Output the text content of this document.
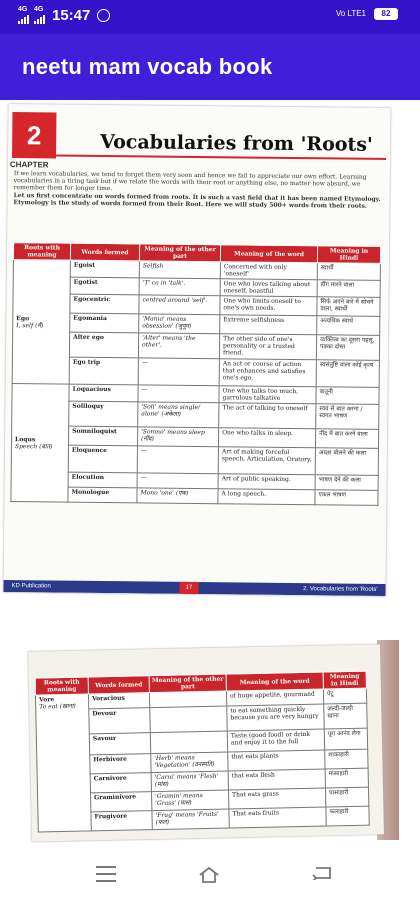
4G 4G 15:47	Vo LTE1	82
neetu mam vocab book
2
CHAPTER
Vocabularies from 'Roots'
If we learn vocabularies, we tend to forget them very soon and hence we fail to appreciate our own effort. Learning vocabularies in a tiring task but if we relate the words with their root or anything else, no matter how absurd, we remember them for longer time.
Let us first concentrate on words formed from roots. It is such a vast field that it has been named Etymology. Etymology is the study of words formed from their Root. Here we will study 500+ words from their roots.
Roots with meaning	Words formed	Meaning of the other part	Meaning of the word	Meaning in Hindi
Ego
I, self (मैं)	Egoist	Selfish	Concerned with only 'oneself'	स्वार्थी
	Egotist	'T' ca in 'talk'.	One who loves talking about oneself, boastful	डींग मारने वाला
	Egocentric	centred around 'self'.	One who limits oneself to one's own needs.	सिर्फ अपने बारे में सोचने वाला, स्वार्थी
	Egomania	'Mania' means obsession' (जुनून)	Extreme selfishness	अत्यधिक स्वार्थ
	Alter ego	'Alter' means 'the other'.	The other side of one's personality or a trusted friend.	व्यक्तित्व का दूसरा पहलू, पक्का दोस्त
	Ego trip	—	An act or course of action that enhances and satisfies one's ego.	स्वसंतुष्टि वाला कोई कृत्य
Loqus
Speech (बात)	Loquacious	—	One who talks too much, garrulous talkative	बातूनी
	Soliloquy	'Soli' means single/ alone' (अकेला)	The act of talking to oneself	स्वयं से बात करना / स्वगत भाषण
	Somniloquist	'Somno' means sleep (नींद)	One who talks in sleep.	नींद में बात करने वाला
	Eloquence	—	Art of making forceful speech, Articulation, Oratory.	अच्छा बोलने की कला
	Elocution	—	Art of public speaking.	भाषण देने की कला
	Monologue	Mono 'one' (एक)	A long speech.	एकल भाषण
KD Publication	17	2. Vocabularies from 'Roots'
Roots with meaning	Words formed	Meaning of the other part	Meaning of the word	Meaning in Hindi
Vore
To eat (खाना)	Voracious		of huge appetite, gourmand	पेटू
	Devour		to eat something quickly because you are very hungry	जल्दी-जल्दी खाना
	Savour		Taste (good food) or drink and enjoy it to the full	पूरा आनंद लेना
	Herbivore	'Herb' means 'Vegetation' (वनस्पति)	that eats plants	शाकाहारी
	Carnivore	'Carni' means 'Flesh' (मांस)	that eats flesh	मांसाहारी
	Graminivore	'Gramin' means 'Grass' (घास)	That eats grass	घासाहारी
	Frugivore	'Frug' means 'Fruits' (फल)	That eats fruits	फलाहारी
